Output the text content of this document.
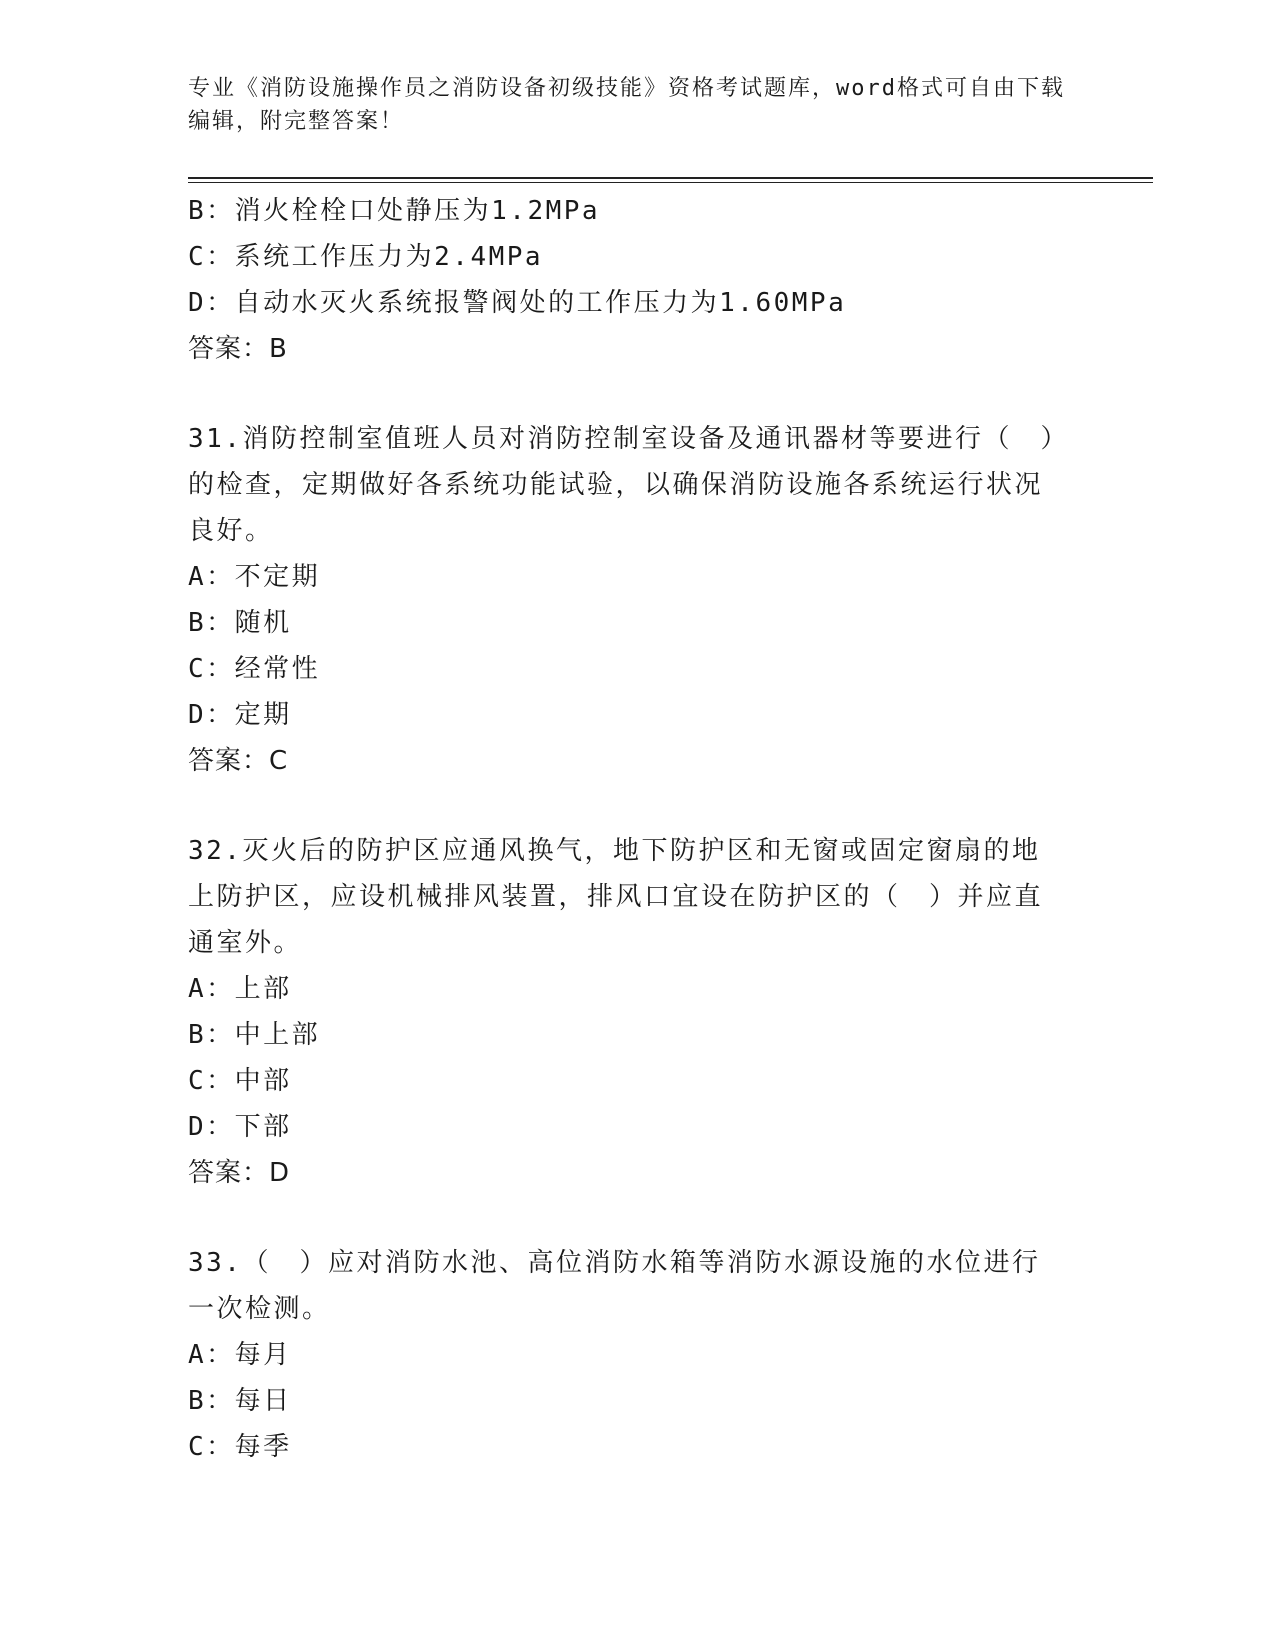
专业《消防设施操作员之消防设备初级技能》资格考试题库，word格式可自由下载编辑，附完整答案！
B：消火栓栓口处静压为1.2MPa
C：系统工作压力为2.4MPa
D：自动水灭火系统报警阀处的工作压力为1.60MPa
答案：B
31.消防控制室值班人员对消防控制室设备及通讯器材等要进行（　）的检查，定期做好各系统功能试验，以确保消防设施各系统运行状况良好。
A：不定期
B：随机
C：经常性
D：定期
答案：C
32.灭火后的防护区应通风换气，地下防护区和无窗或固定窗扇的地上防护区，应设机械排风装置，排风口宜设在防护区的（　）并应直通室外。
A：上部
B：中上部
C：中部
D：下部
答案：D
33.（　）应对消防水池、高位消防水箱等消防水源设施的水位进行一次检测。
A：每月
B：每日
C：每季
